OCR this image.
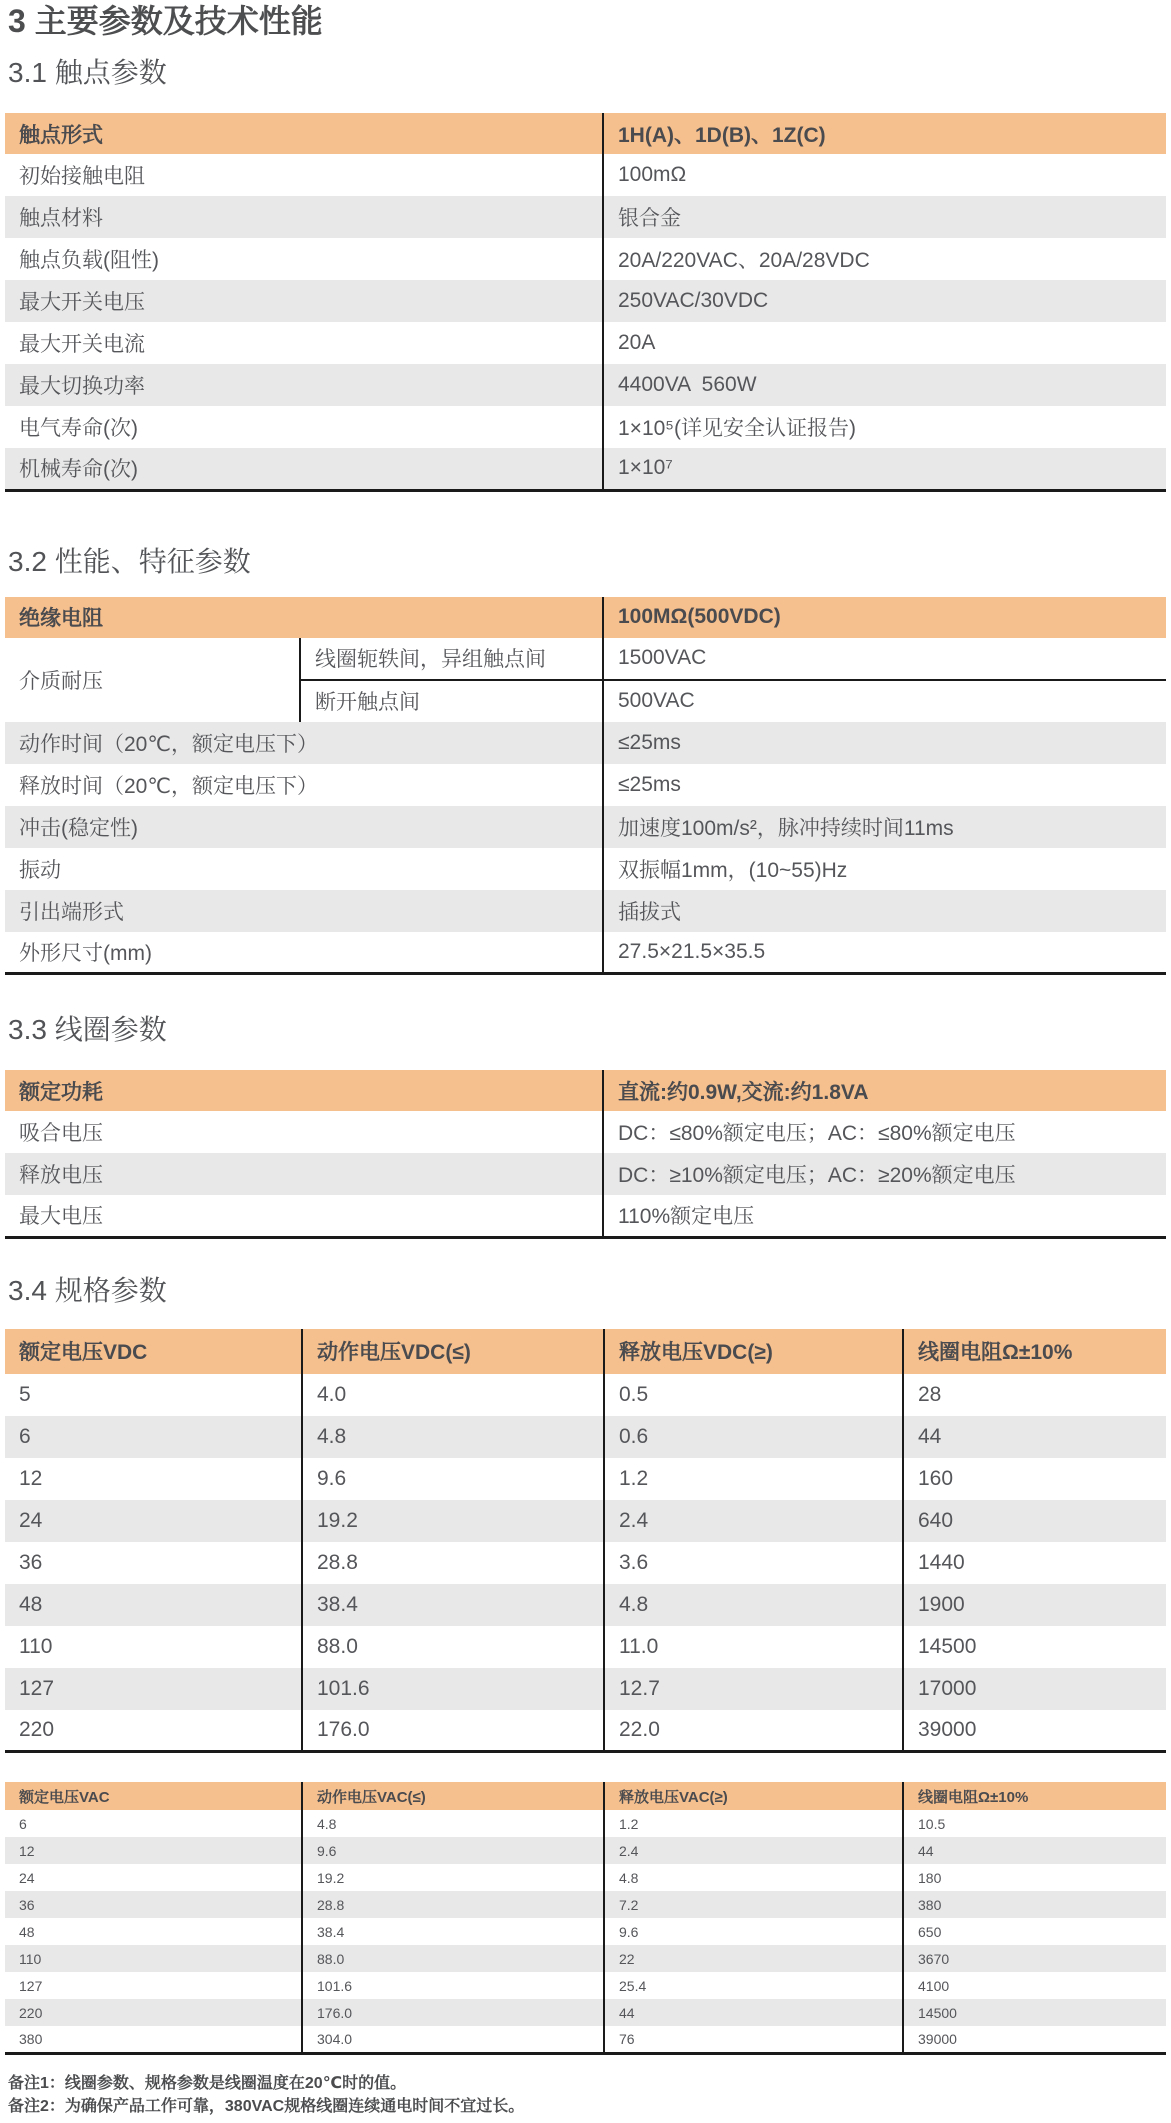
3 主要参数及技术性能
3.1 触点参数
触点形式	1H(A)、1D(B)、1Z(C)
初始接触电阻	100mΩ
触点材料	银合金
触点负载(阻性)	20A/220VAC、20A/28VDC
最大开关电压	250VAC/30VDC
最大开关电流	20A
最大切换功率	4400VA  560W
电气寿命(次)	1×10⁵(详见安全认证报告)
机械寿命(次)	1×10⁷
3.2 性能、特征参数
绝缘电阻		100MΩ(500VDC)
介质耐压	线圈轭轶间，异组触点间	1500VAC
	断开触点间	500VAC
动作时间（20℃，额定电压下）		≤25ms
释放时间（20℃，额定电压下）		≤25ms
冲击(稳定性)		加速度100m/s²，脉冲持续时间11ms
振动		双振幅1mm，(10~55)Hz
引出端形式		插拔式
外形尺寸(mm)		27.5×21.5×35.5
3.3 线圈参数
额定功耗	直流:约0.9W,交流:约1.8VA
吸合电压	DC：≤80%额定电压；AC：≤80%额定电压
释放电压	DC：≥10%额定电压；AC：≥20%额定电压
最大电压	110%额定电压
3.4 规格参数
额定电压VDC	动作电压VDC(≤)	释放电压VDC(≥)	线圈电阻Ω±10%
5	4.0	0.5	28
6	4.8	0.6	44
12	9.6	1.2	160
24	19.2	2.4	640
36	28.8	3.6	1440
48	38.4	4.8	1900
110	88.0	11.0	14500
127	101.6	12.7	17000
220	176.0	22.0	39000
额定电压VAC	动作电压VAC(≤)	释放电压VAC(≥)	线圈电阻Ω±10%
6	4.8	1.2	10.5
12	9.6	2.4	44
24	19.2	4.8	180
36	28.8	7.2	380
48	38.4	9.6	650
110	88.0	22	3670
127	101.6	25.4	4100
220	176.0	44	14500
380	304.0	76	39000

备注1：线圈参数、规格参数是线圈温度在20℃时的值。

备注2：为确保产品工作可靠，380VAC规格线圈连续通电时间不宜过长。
